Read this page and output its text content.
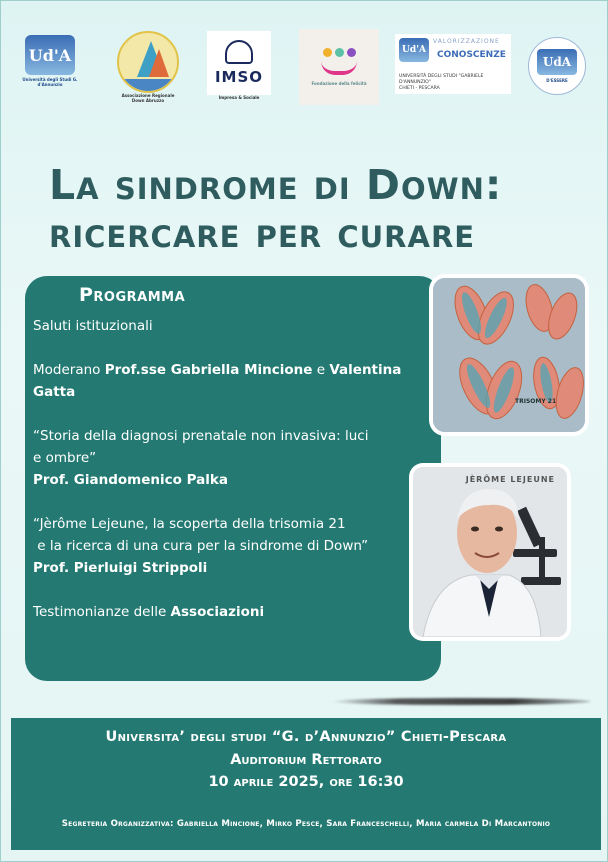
Ud'A
Università degli Studi G. d'Annunzio
Associazione Regionale
Down Abruzzo
IMSO
Impresa & Sociale
Fondazione della felicità
Ud'A
VALORIZZAZIONE
CONOSCENZE
UNIVERSITÀ DEGLI STUDI "GABRIELE D'ANNUNZIO"
CHIETI - PESCARA
UdA
D'ESSERE
La sindrome di Down:
ricercare per curare
Programma

Saluti istituzionali

Moderano Prof.sse Gabriella Mincione e Valentina

Gatta

“Storia della diagnosi prenatale non invasiva: luci

e ombre”

Prof. Giandomenico Palka

“Jèrôme Lejeune, la scoperta della trisomia 21

e la ricerca di una cura per la sindrome di Down”

Prof. Pierluigi Strippoli

Testimonianze delle Associazioni

TRISOMY 21
JÈRÔME LEJEUNE
Universita’ degli studi “G. d’Annunzio” Chieti-Pescara
Auditorium Rettorato
10 aprile 2025, ore 16:30
Segreteria Organizzativa: Gabriella Mincione, Mirko Pesce, Sara Franceschelli, Maria carmela Di Marcantonio
